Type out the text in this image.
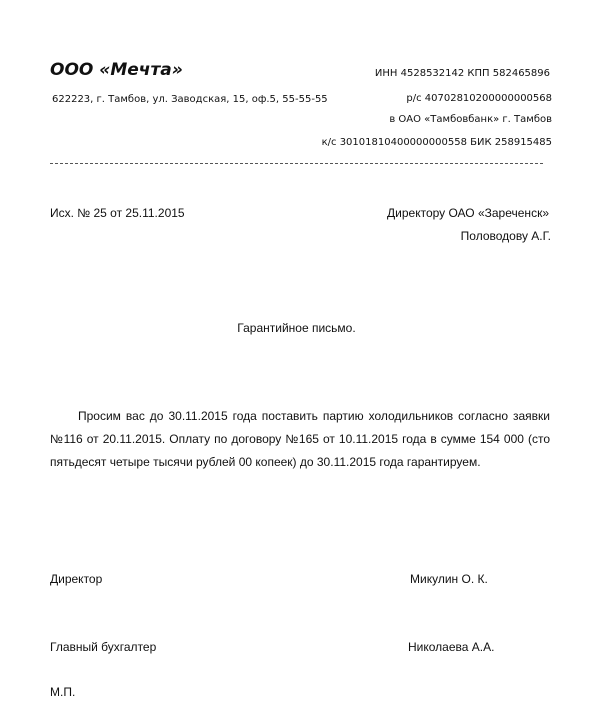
ООО «Мечта»
622223, г. Тамбов, ул. Заводская, 15, оф.5, 55-55-55
ИНН 4528532142 КПП 582465896
р/с 40702810200000000568
в ОАО «Тамбовбанк» г. Тамбов
к/с 30101810400000000558 БИК 258915485
Исх. № 25 от 25.11.2015	Директору ОАО «Зареченск»
Половодову А.Г.
Гарантийное письмо.

Просим вас до 30.11.2015 года поставить партию холодильников согласно заявки №116 от 20.11.2015. Оплату по договору №165 от 10.11.2015 года в сумме 154 000 (сто пятьдесят четыре тысячи рублей 00 копеек) до 30.11.2015 года гарантируем.

Директор	Микулин О. К.
Главный бухгалтер	Николаева А.А.
М.П.
